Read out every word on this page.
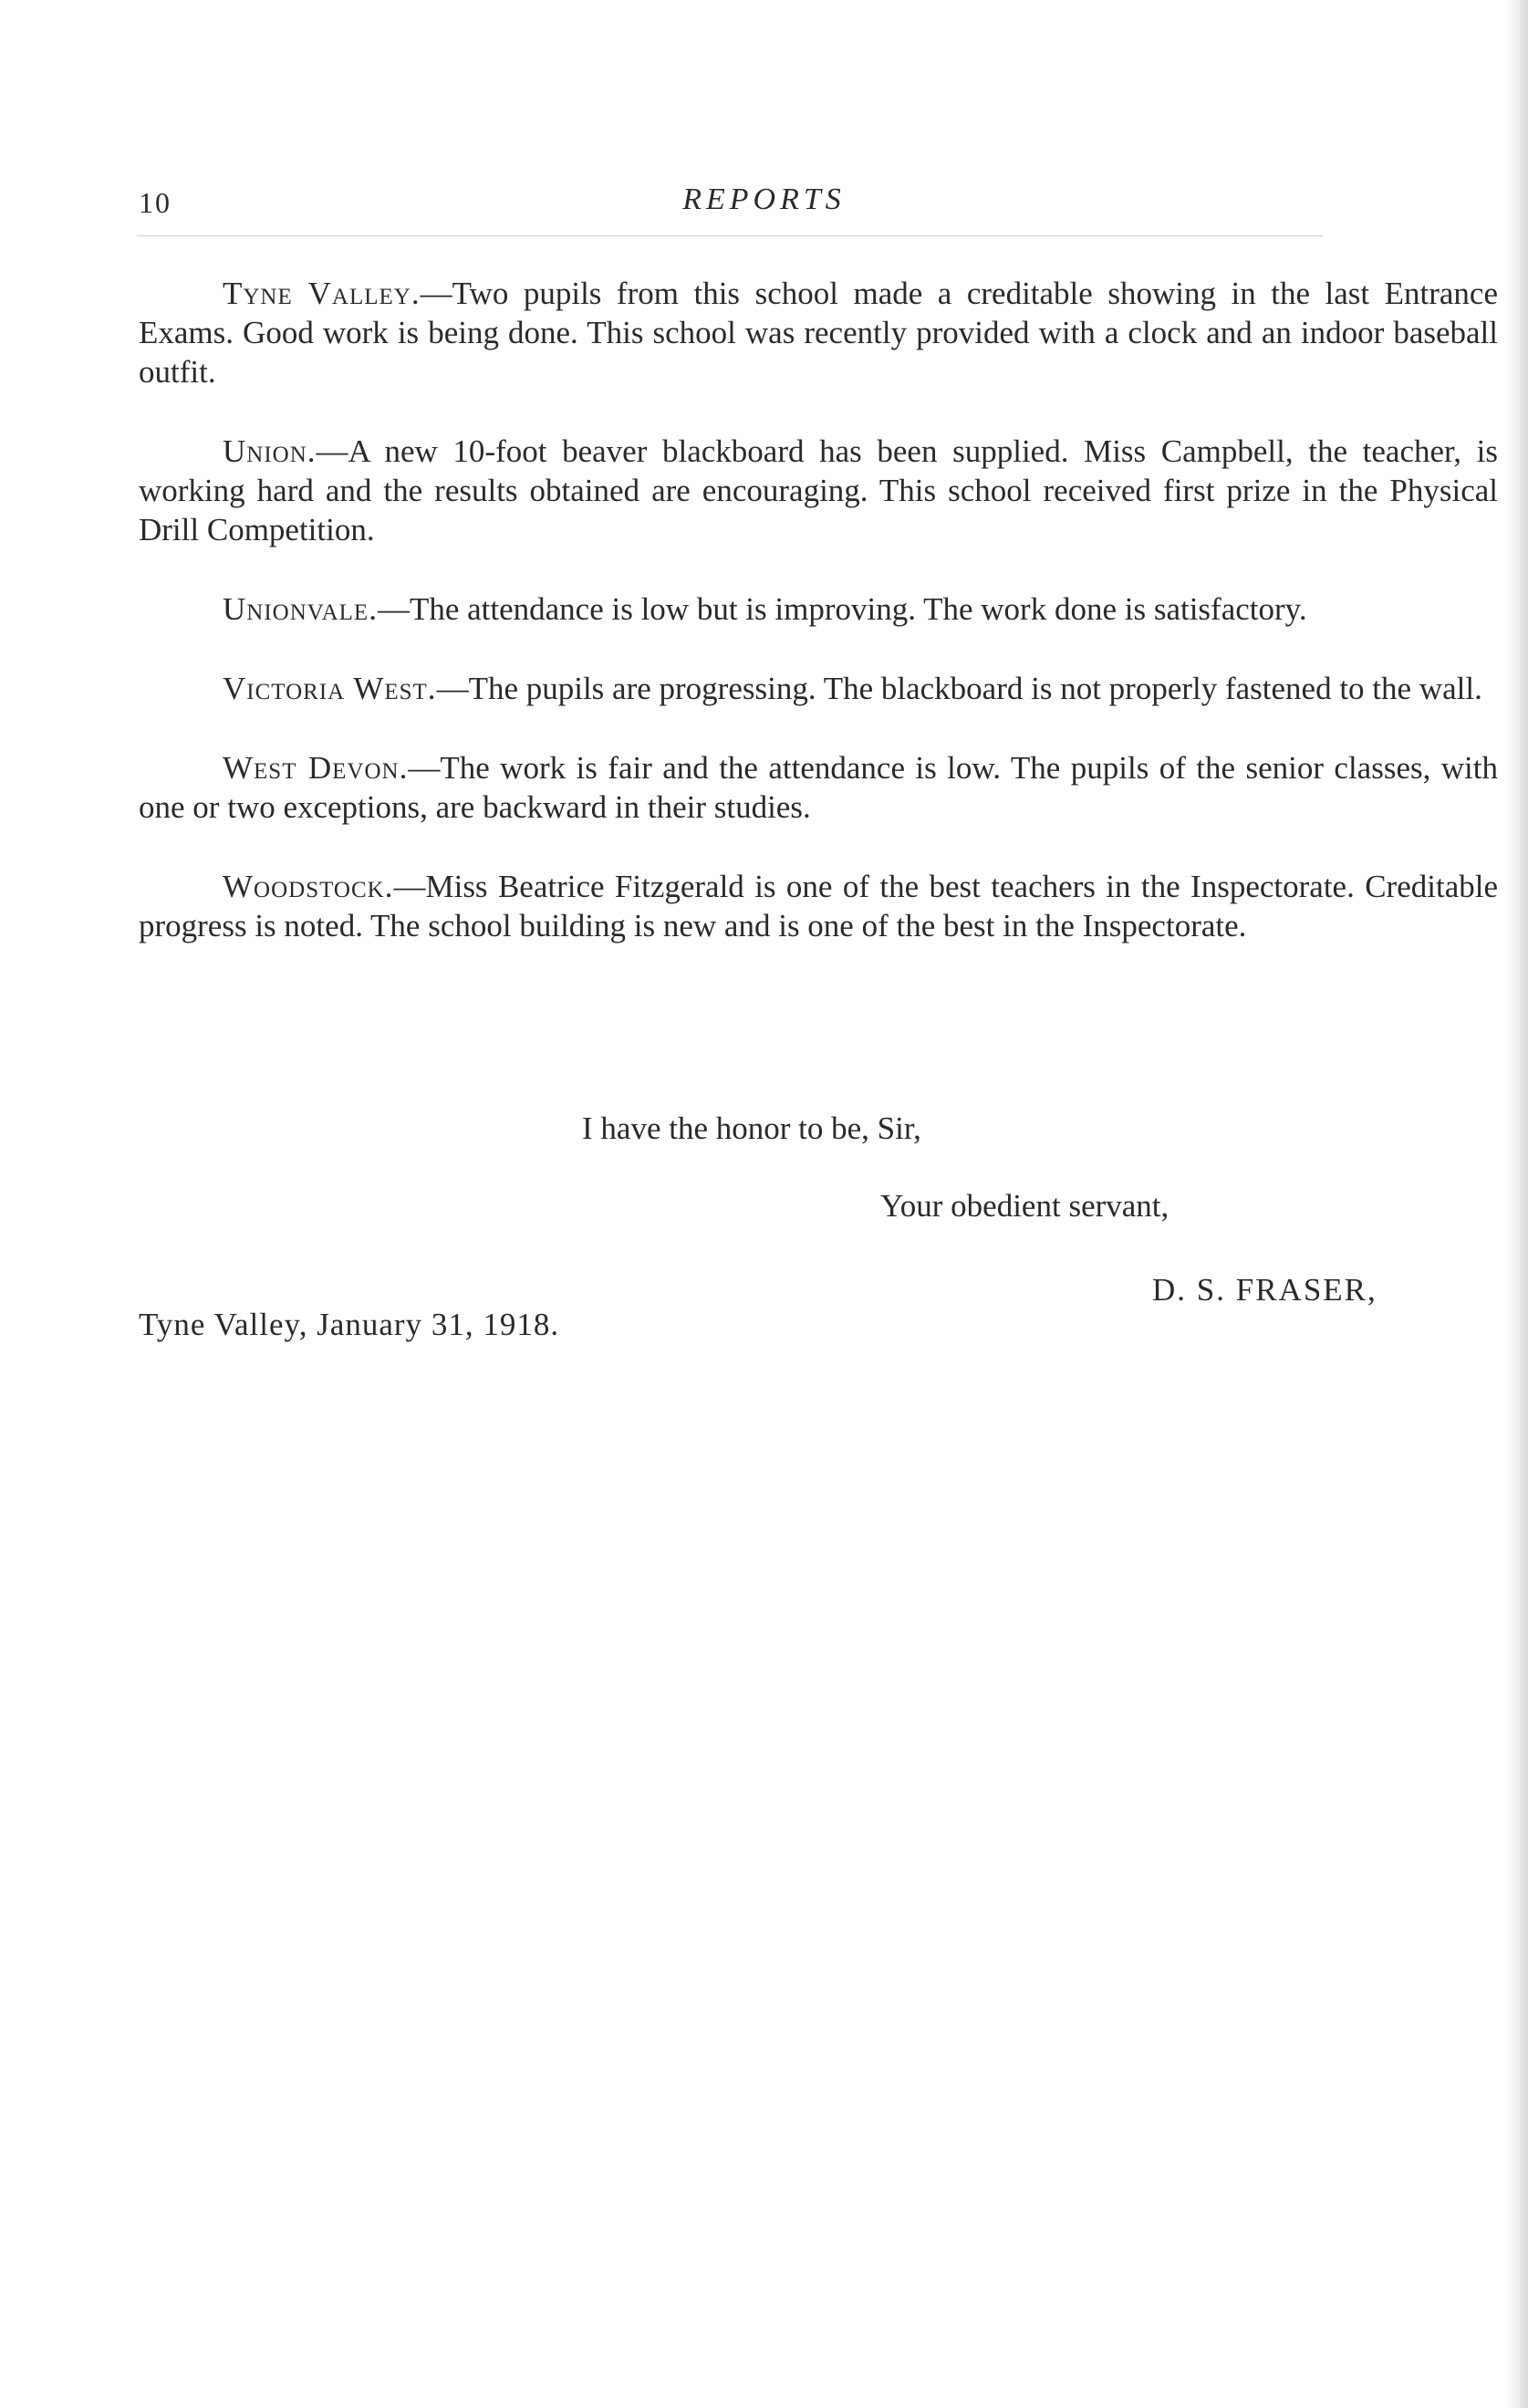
10	REPORTS

Tyne Valley.—Two pupils from this school made a creditable showing in the last Entrance Exams. Good work is being done. This school was recently provided with a clock and an indoor baseball outfit.

Union.—A new 10-foot beaver blackboard has been supplied. Miss Campbell, the teacher, is working hard and the results obtained are encouraging. This school received first prize in the Physical Drill Competition.

Unionvale.—The attendance is low but is improving. The work done is satisfactory.

Victoria West.—The pupils are progressing. The blackboard is not properly fastened to the wall.

West Devon.—The work is fair and the attendance is low. The pupils of the senior classes, with one or two exceptions, are backward in their studies.

Woodstock.—Miss Beatrice Fitzgerald is one of the best teachers in the Inspectorate. Creditable progress is noted. The school building is new and is one of the best in the Inspectorate.

I have the honor to be, Sir,
Your obedient servant,
D. S. FRASER,
Tyne Valley, January 31, 1918.
